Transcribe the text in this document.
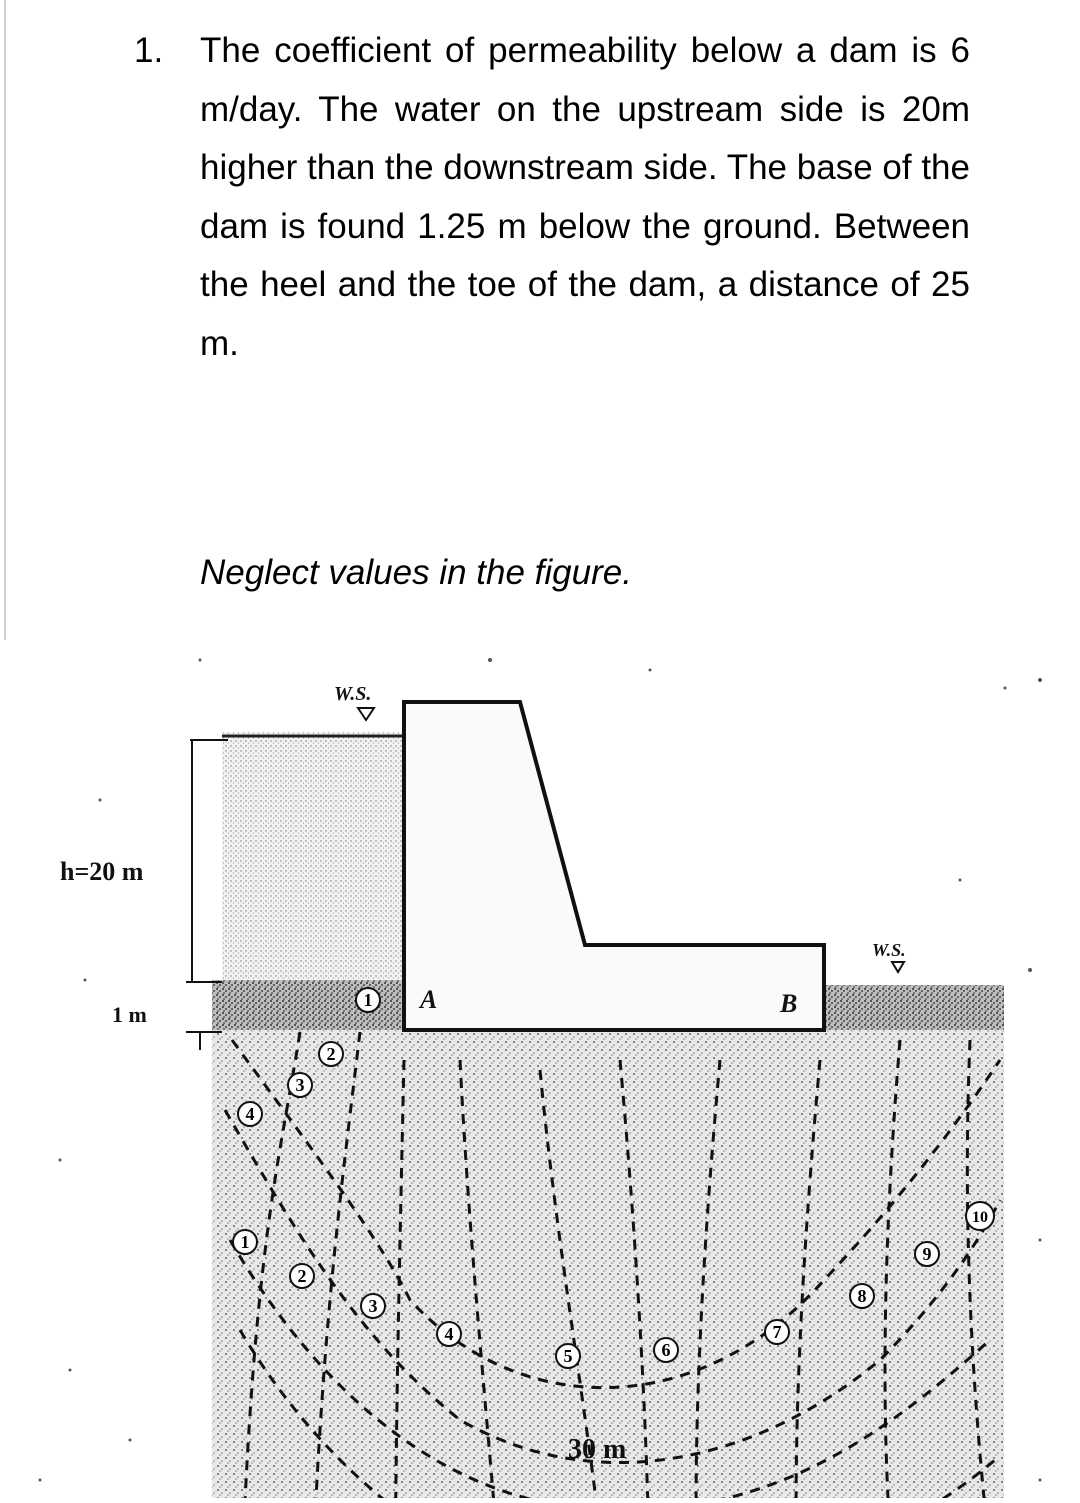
1. The coefficient of permeability below a dam is 6 m/day. The water on the upstream side is 20m higher than the downstream side. The base of the dam is found 1.25 m below the ground. Between the heel and the toe of the dam, a distance of 25 m.
Neglect values in the figure.
1
2
3
4
1
2
3
4
5	6
7
8
9
10
h=20 m
1 m
W.S.
W.S.
A	B
30 m
